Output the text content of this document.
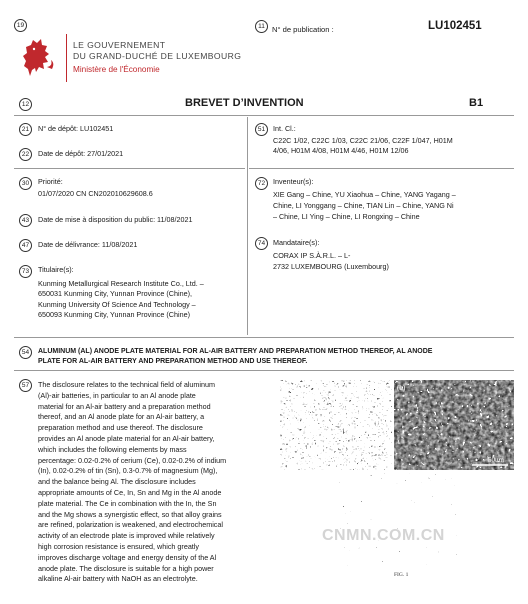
19
LE GOUVERNEMENT
DU GRAND-DUCHÉ DE LUXEMBOURG
Ministère de l'Économie
11 N° de publication :	LU102451
12	BREVET D’INVENTION	B1
21	N° de dépôt: LU102451
22	Date de dépôt: 27/01/2021
30	Priorité:
01/07/2020 CN CN202010629608.6
43	Date de mise à disposition du public: 11/08/2021
47	Date de délivrance: 11/08/2021
73	Titulaire(s):
Kunming Metallurgical Research Institute Co., Ltd. –
650031 Kunming City, Yunnan Province (Chine),
Kunming University Of Science And Technology –
650093 Kunming City, Yunnan Province (Chine)
51	Int. Cl.:
C22C 1/02, C22C 1/03, C22C 21/06, C22F 1/047, H01M
4/06, H01M 4/08, H01M 4/46, H01M 12/06
72	Inventeur(s):
XIE Gang – Chine, YU Xiaohua – Chine, YANG Yagang –
Chine, LI Yonggang – Chine, TIAN Lin – Chine, YANG Ni
– Chine, LI Ying – Chine, LI Rongxing – Chine
74	Mandataire(s):
CORAX IP S.À.R.L. – L-
2732 LUXEMBOURG (Luxembourg)
54	ALUMINUM (AL) ANODE PLATE MATERIAL FOR AL-AIR BATTERY AND PREPARATION METHOD THEREOF, AL ANODE
PLATE FOR AL-AIR BATTERY AND PREPARATION METHOD AND USE THEREOF.
57	The disclosure relates to the technical field of aluminum
(Al)-air batteries, in particular to an Al anode plate
material for an Al-air battery and a preparation method
thereof, and an Al anode plate for an Al-air battery, a
preparation method and use thereof. The disclosure
provides an Al anode plate material for an Al-air battery,
which includes the following elements by mass
percentage: 0.02-0.2% of cerium (Ce), 0.02-0.2% of indium
(In), 0.02-0.2% of tin (Sn), 0.3-0.7% of magnesium (Mg),
and the balance being Al. The disclosure includes
appropriate amounts of Ce, In, Sn and Mg in the Al anode
plate material. The Ce in combination with the In, the Sn
and the Mg shows a synergistic effect, so that alloy grains
are refined, polarization is weakened, and electrochemical
activity of an electrode plate is improved while relatively
high corrosion resistance is ensured, which greatly
improves discharge voltage and energy density of the Al
anode plate. The disclosure is suitable for a high power
alkaline Al-air battery with NaOH as an electrolyte.
(a)	(b)
(c)
50um	50um
50um
FIG. 1
CNMN.COM.CN
